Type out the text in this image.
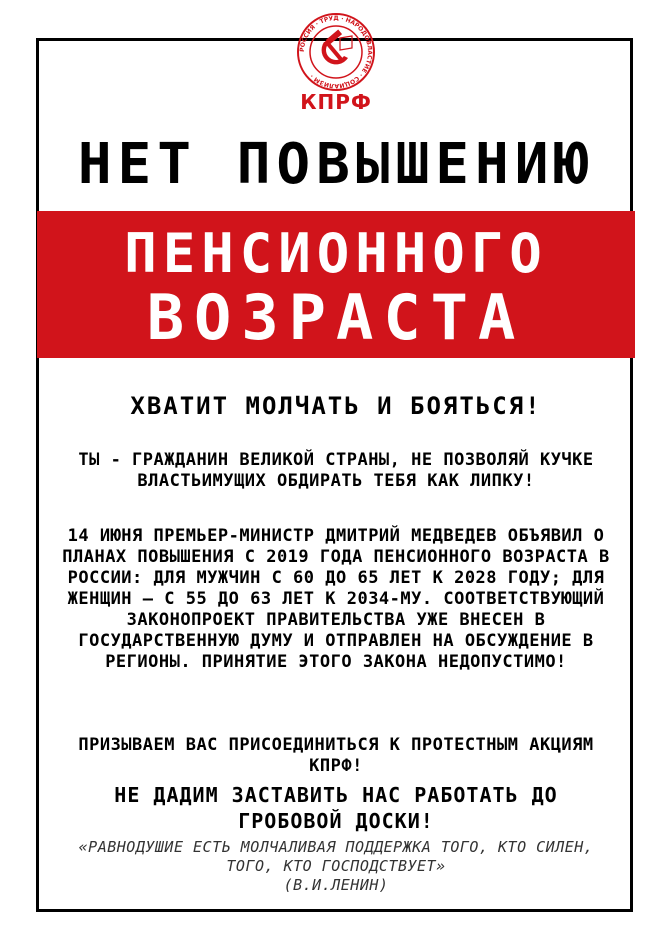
РОССИЯ · ТРУД · НАРОДОВЛАСТИЕ · СОЦИАЛИЗМ ·
КПРФ
НЕТ ПОВЫШЕНИЮ
ПЕНСИОННОГО
ВОЗРАСТА
ХВАТИТ МОЛЧАТЬ И БОЯТЬСЯ!
ТЫ - ГРАЖДАНИН ВЕЛИКОЙ СТРАНЫ, НЕ ПОЗВОЛЯЙ КУЧКЕ ВЛАСТЬИМУЩИХ ОБДИРАТЬ ТЕБЯ КАК ЛИПКУ!
14 ИЮНЯ ПРЕМЬЕР-МИНИСТР ДМИТРИЙ МЕДВЕДЕВ ОБЪЯВИЛ О ПЛАНАХ ПОВЫШЕНИЯ С 2019 ГОДА ПЕНСИОННОГО ВОЗРАСТА В РОССИИ: ДЛЯ МУЖЧИН С 60 ДО 65 ЛЕТ К 2028 ГОДУ; ДЛЯ ЖЕНЩИН — С 55 ДО 63 ЛЕТ К 2034-МУ. СООТВЕТСТВУЮЩИЙ ЗАКОНОПРОЕКТ ПРАВИТЕЛЬСТВА УЖЕ ВНЕСЕН В ГОСУДАРСТВЕННУЮ ДУМУ И ОТПРАВЛЕН НА ОБСУЖДЕНИЕ В РЕГИОНЫ. ПРИНЯТИЕ ЭТОГО ЗАКОНА НЕДОПУСТИМО!
ПРИЗЫВАЕМ ВАС ПРИСОЕДИНИТЬСЯ К ПРОТЕСТНЫМ АКЦИЯМ КПРФ!
НЕ ДАДИМ ЗАСТАВИТЬ НАС РАБОТАТЬ ДО ГРОБОВОЙ ДОСКИ!
«РАВНОДУШИЕ ЕСТЬ МОЛЧАЛИВАЯ ПОДДЕРЖКА ТОГО, КТО СИЛЕН, ТОГО, КТО ГОСПОДСТВУЕТ»
(В.И.ЛЕНИН)
